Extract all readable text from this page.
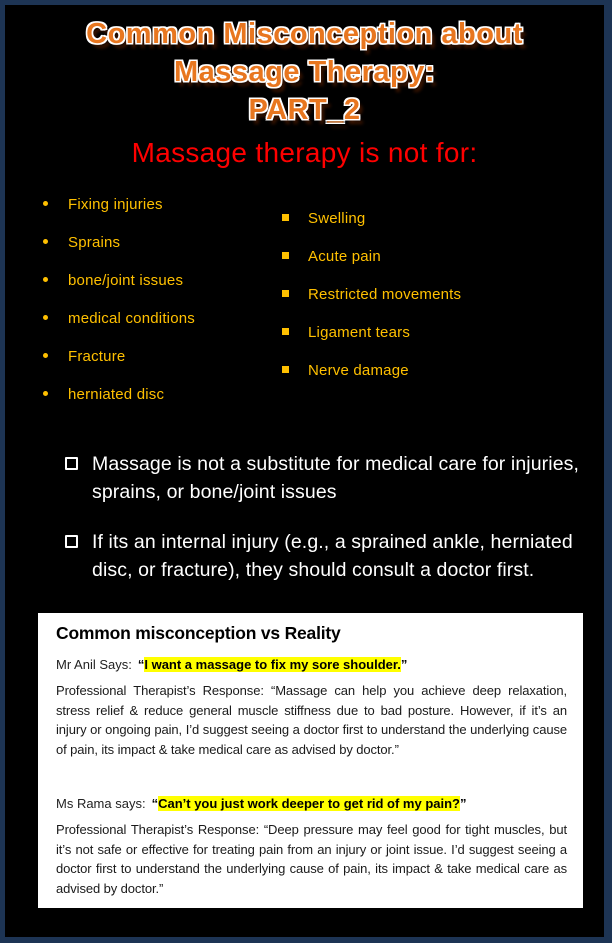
Common Misconception about
Massage Therapy:
PART_2
Massage therapy is not for:
Fixing injuries
Sprains
bone/joint issues
medical conditions
Fracture
herniated disc
Swelling
Acute pain
Restricted movements
Ligament tears
Nerve damage
Massage is not a substitute for medical care for injuries, sprains, or bone/joint issues
If its an internal injury (e.g., a sprained ankle, herniated disc, or fracture), they should consult a doctor first.
Common misconception vs Reality

Mr Anil Says: “I want a massage to fix my sore shoulder.”

Professional Therapist’s Response: “Massage can help you achieve deep relaxation, stress relief & reduce general muscle stiffness due to bad posture. However, if it’s an injury or ongoing pain, I’d suggest seeing a doctor first to understand the underlying cause of pain, its impact & take medical care as advised by doctor.”

Ms Rama says: “Can’t you just work deeper to get rid of my pain?”

Professional Therapist’s Response: “Deep pressure may feel good for tight muscles, but it’s not safe or effective for treating pain from an injury or joint issue. I’d suggest seeing a doctor first to understand the underlying cause of pain, its impact & take medical care as advised by doctor.”
